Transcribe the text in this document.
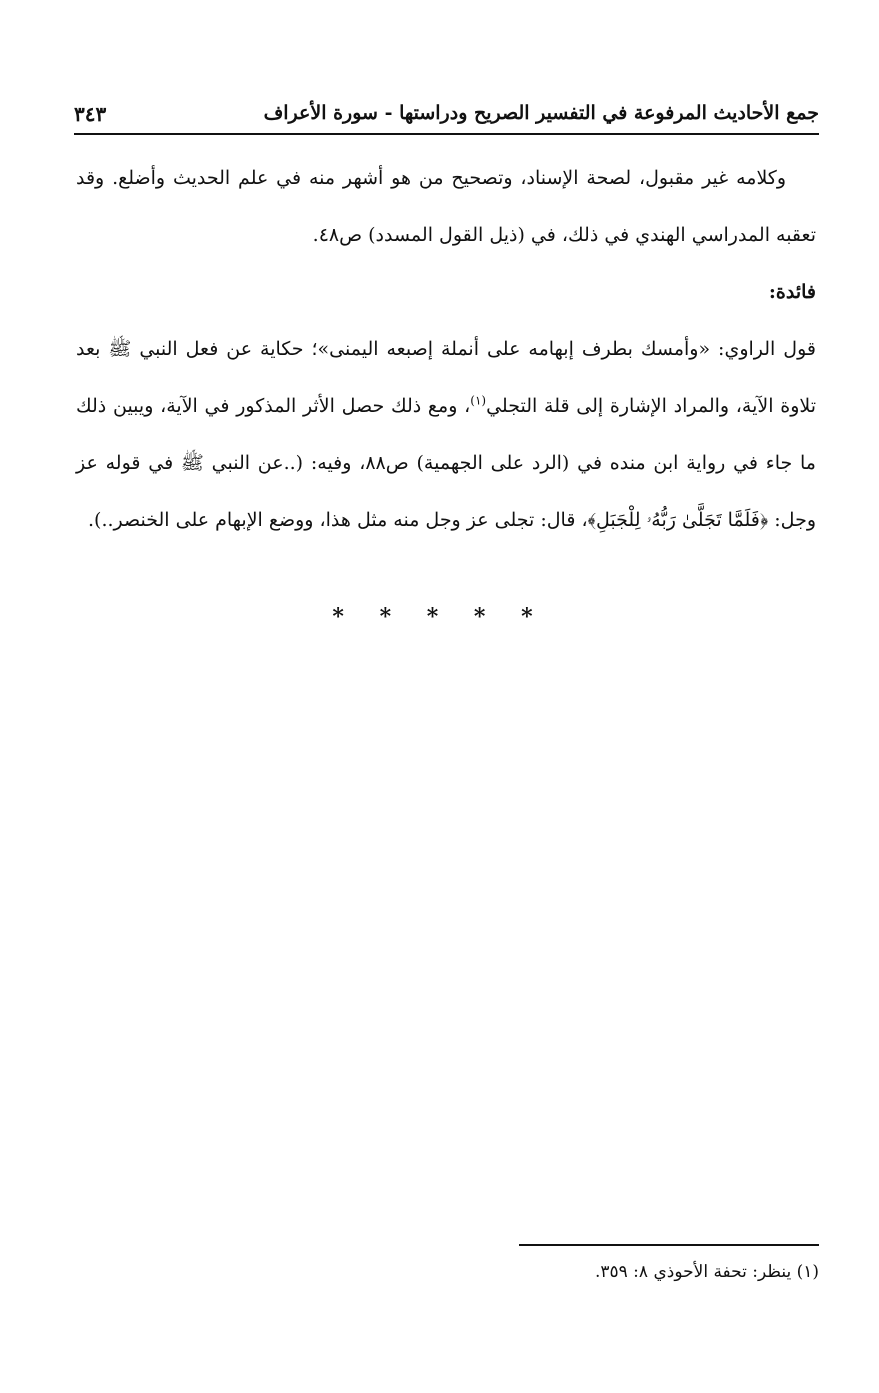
جمع الأحاديث المرفوعة في التفسير الصريح ودراستها - سورة الأعراف
٣٤٣

وكلامه غير مقبول، لصحة الإسناد، وتصحيح من هو أشهر منه في علم الحديث وأضلع. وقد تعقبه المدراسي الهندي في ذلك، في (ذيل القول المسدد) ص٤٨.

فائدة:

قول الراوي: «وأمسك بطرف إبهامه على أنملة إصبعه اليمنى»؛ حكاية عن فعل النبي ﷺ بعد تلاوة الآية، والمراد الإشارة إلى قلة التجلي$^{(١)}$، ومع ذلك حصل الأثر المذكور في الآية، ويبين ذلك ما جاء في رواية ابن منده في (الرد على الجهمية) ص٨٨، وفيه: (..عن النبي ﷺ في قوله عز وجل: ﴿فَلَمَّا تَجَلَّىٰ رَبُّهُۥ لِلْجَبَلِ﴾، قال: تجلى عز وجل منه مثل هذا، ووضع الإبهام على الخنصر..).

* * * * *
(١) ينظر: تحفة الأحوذي ٨: ٣٥٩.
